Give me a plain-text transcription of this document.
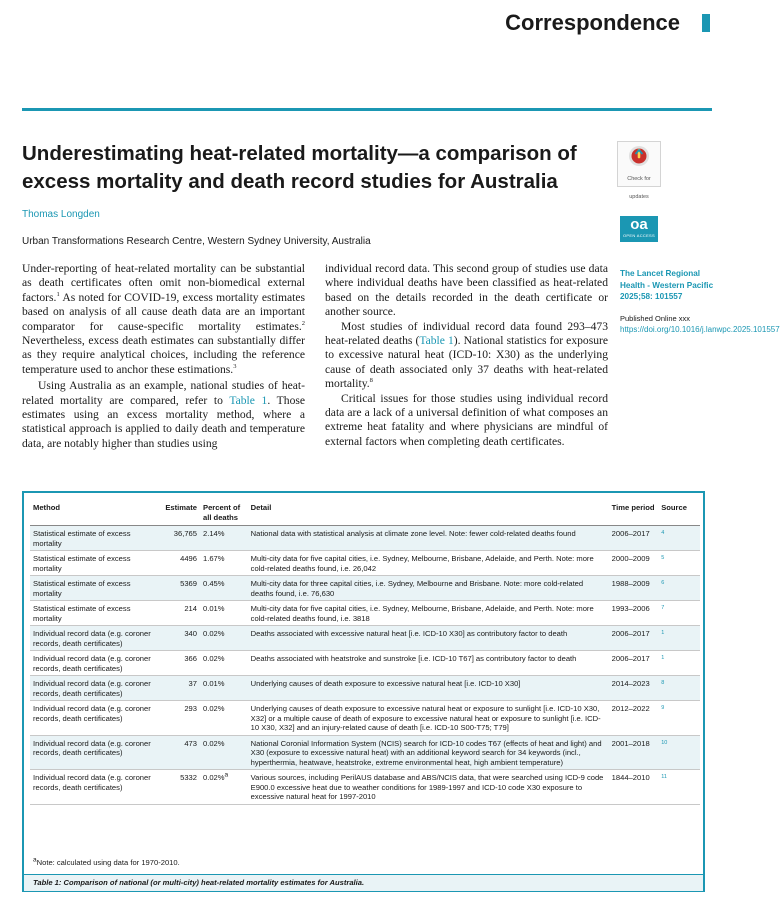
Correspondence
Underestimating heat-related mortality—a comparison of excess mortality and death record studies for Australia
Thomas Longden
Urban Transformations Research Centre, Western Sydney University, Australia
Check for updates
oa
OPEN ACCESS
The Lancet Regional Health - Western Pacific 2025;58: 101557
Published Online xxx
https://doi.org/10.1016/j.lanwpc.2025.101557

Under-reporting of heat-related mortality can be substantial as death certificates often omit non-biomedical external factors.$^1$ As noted for COVID-19, excess mortality estimates based on analysis of all cause death data are an important comparator for cause-specific mortality estimates.$^2$ Nevertheless, excess death estimates can substantially differ as they require analytical choices, including the reference temperature used to anchor these estimations.$^3$

Using Australia as an example, national studies of heat-related mortality are compared, refer to Table 1. Those estimates using an excess mortality method, where a statistical approach is applied to daily death and temperature data, are notably higher than studies using

individual record data. This second group of studies use data where individual deaths have been classified as heat-related based on the details recorded in the death certificate or another source.

Most studies of individual record data found 293–473 heat-related deaths (Table 1). National statistics for exposure to excessive natural heat (ICD-10: X30) as the underlying cause of death associated only 37 deaths with heat-related mortality.$^8$

Critical issues for those studies using individual record data are a lack of a universal definition of what composes an extreme heat fatality and where physicians are mindful of external factors when completing death certificates.

Method	Estimate	Percent of all deaths	Detail	Time period	Source
Statistical estimate of excess mortality	36,765	2.14%	National data with statistical analysis at climate zone level. Note: fewer cold-related deaths found	2006–2017	4
Statistical estimate of excess mortality	4496	1.67%	Multi-city data for five capital cities, i.e. Sydney, Melbourne, Brisbane, Adelaide, and Perth. Note: more cold-related deaths found, i.e. 26,042	2000–2009	5
Statistical estimate of excess mortality	5369	0.45%	Multi-city data for three capital cities, i.e. Sydney, Melbourne and Brisbane. Note: more cold-related deaths found, i.e. 76,630	1988–2009	6
Statistical estimate of excess mortality	214	0.01%	Multi-city data for five capital cities, i.e. Sydney, Melbourne, Brisbane, Adelaide, and Perth. Note: more cold-related deaths found, i.e. 3818	1993–2006	7
Individual record data (e.g. coroner records, death certificates)	340	0.02%	Deaths associated with excessive natural heat [i.e. ICD-10 X30] as contributory factor to death	2006–2017	1
Individual record data (e.g. coroner records, death certificates)	366	0.02%	Deaths associated with heatstroke and sunstroke [i.e. ICD-10 T67] as contributory factor to death	2006–2017	1
Individual record data (e.g. coroner records, death certificates)	37	0.01%	Underlying causes of death exposure to excessive natural heat [i.e. ICD-10 X30]	2014–2023	8
Individual record data (e.g. coroner records, death certificates)	293	0.02%	Underlying causes of death exposure to excessive natural heat or exposure to sunlight [i.e. ICD-10 X30, X32] or a multiple cause of death of exposure to excessive natural heat or exposure to sunlight [i.e. ICD-10 X30, X32] and an injury-related cause of death [i.e. ICD-10 S00-T75; T79]	2012–2022	9
Individual record data (e.g. coroner records, death certificates)	473	0.02%	National Coronial Information System (NCIS) search for ICD-10 codes T67 (effects of heat and light) and X30 (exposure to excessive natural heat) with an additional keyword search for 34 keywords (incl., hyperthermia, heatwave, heatstroke, extreme environmental heat, high ambient temperature)	2001–2018	10
Individual record data (e.g. coroner records, death certificates)	5332	0.02%$^a$	Various sources, including PerilAUS database and ABS/NCIS data, that were searched using ICD-9 code E900.0 excessive heat due to weather conditions for 1989-1997 and ICD-10 code X30 exposure to excessive natural heat for 1997-2010	1844–2010	11
$^a$Note: calculated using data for 1970-2010.
Table 1: Comparison of national (or multi-city) heat-related mortality estimates for Australia.
